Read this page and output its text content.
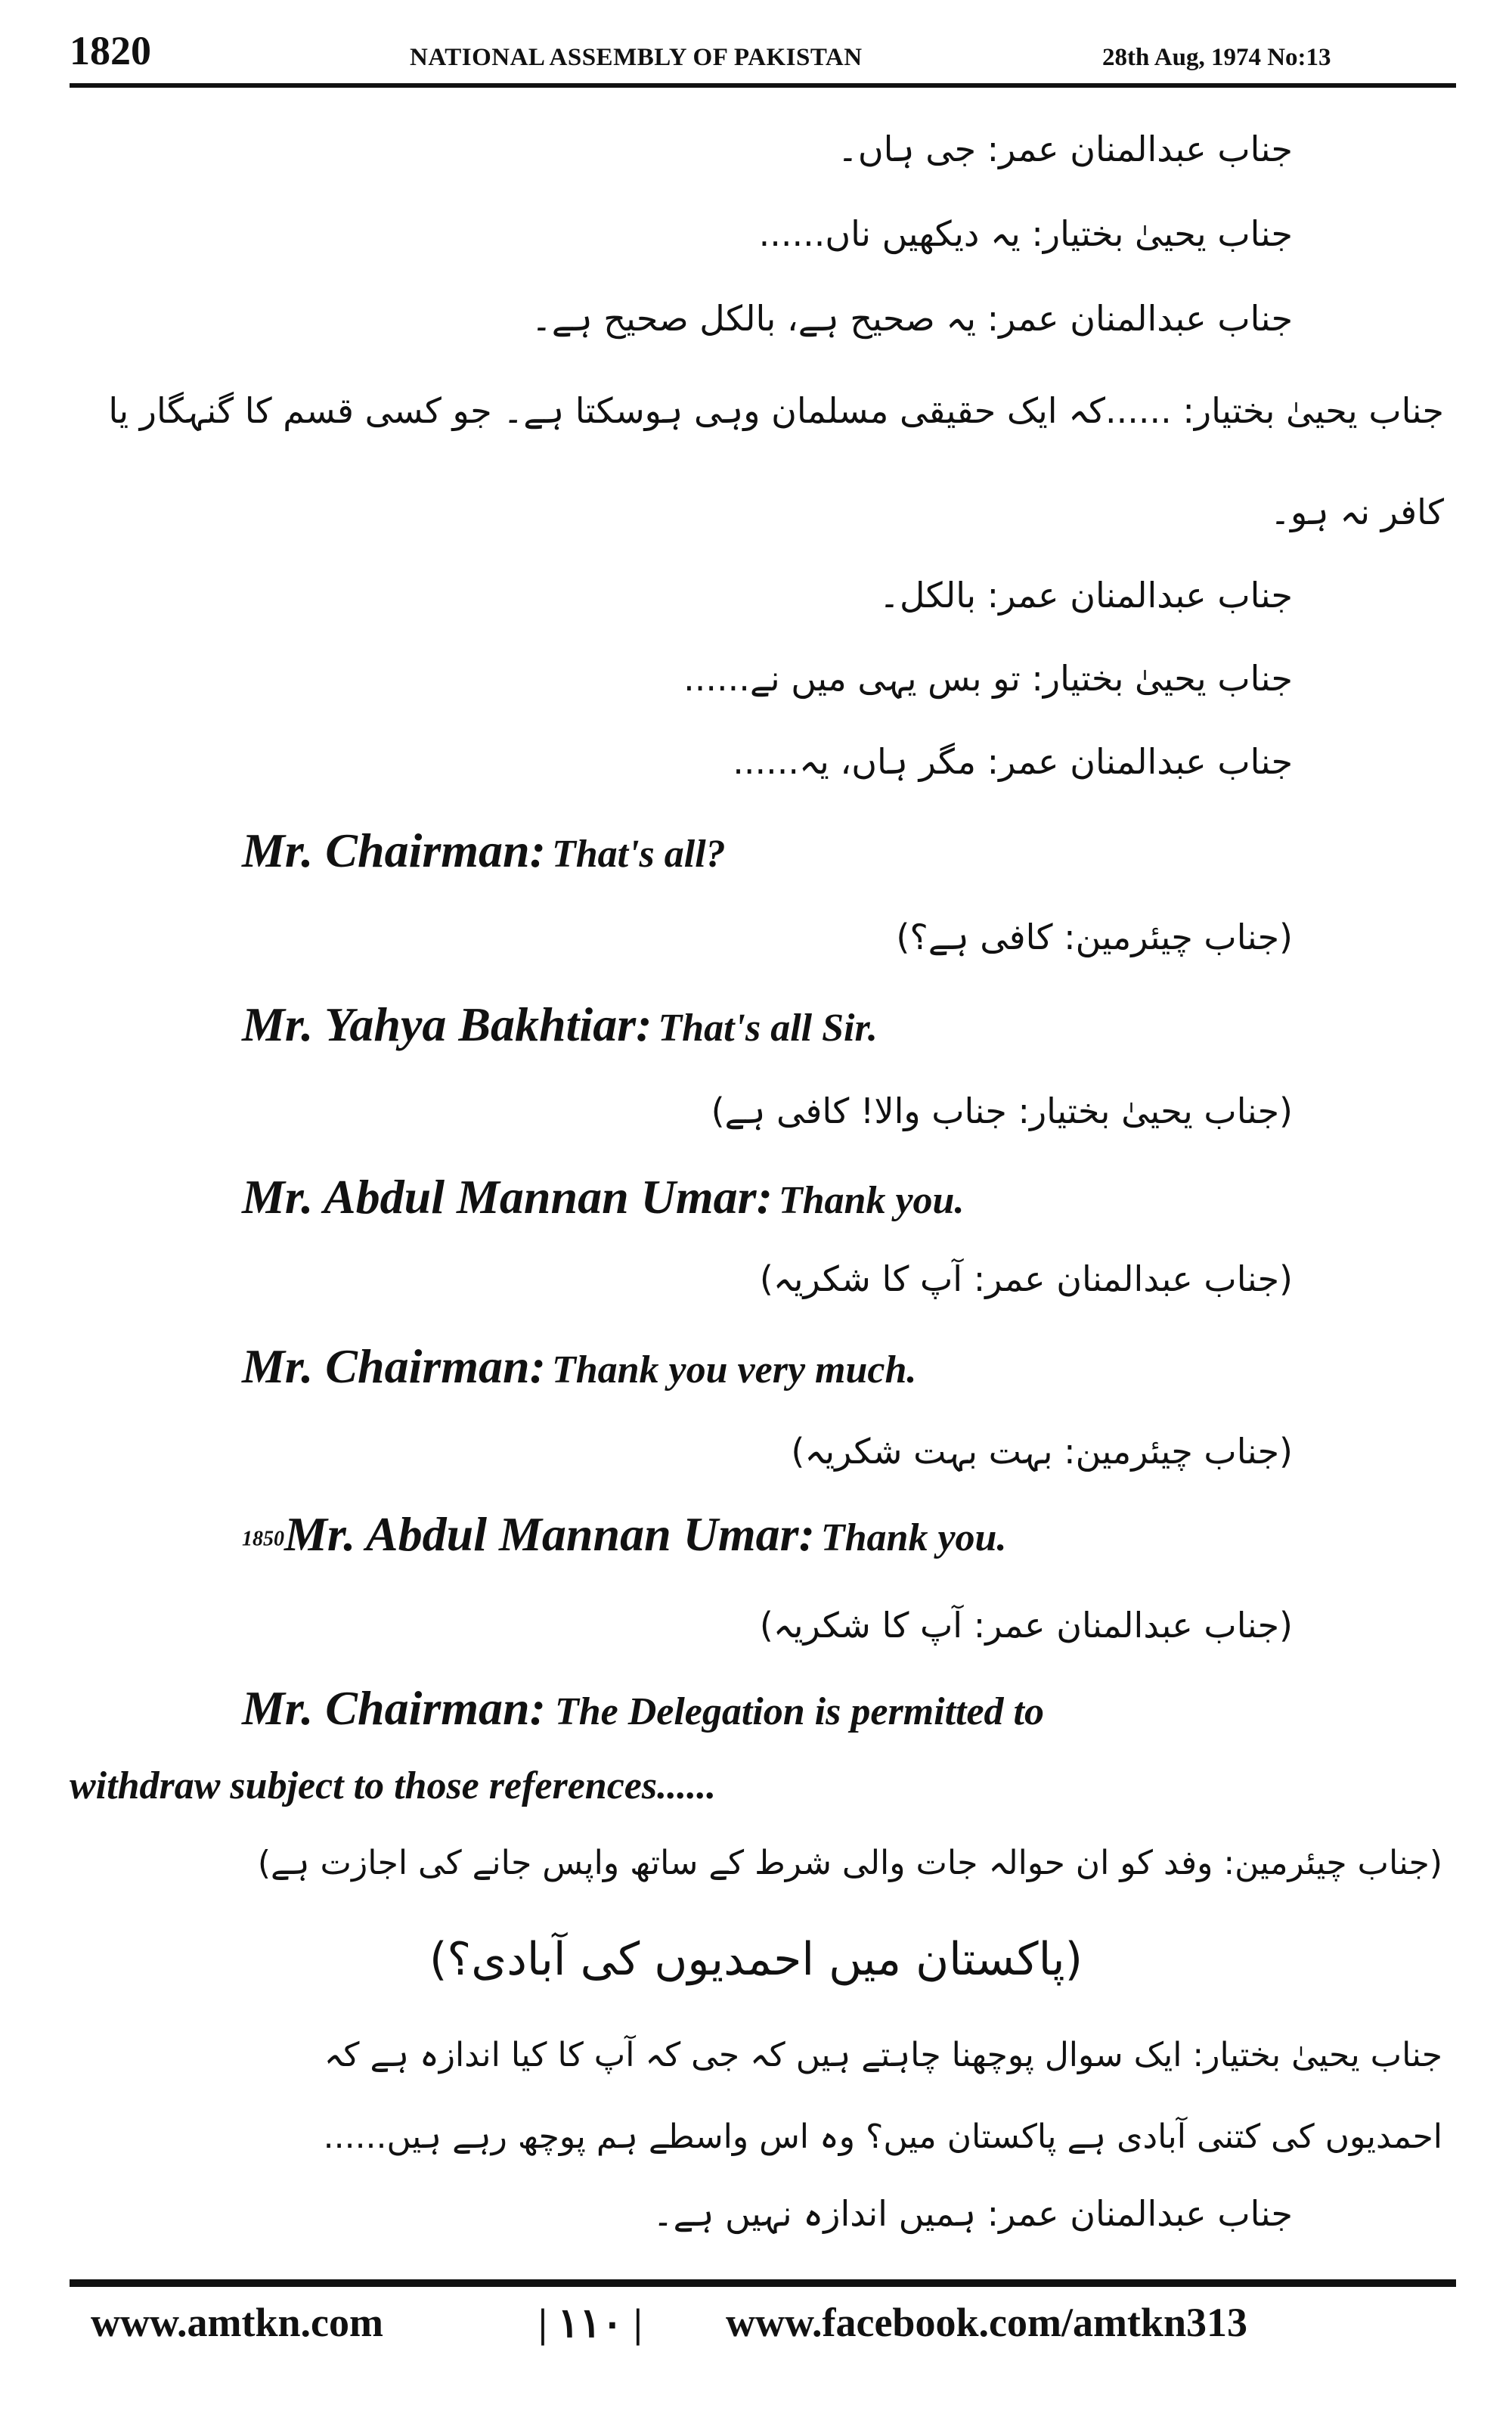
1820	NATIONAL ASSEMBLY OF PAKISTAN	28th Aug, 1974 No:13
جناب عبدالمنان عمر: جی ہاں۔
جناب یحییٰ بختیار: یہ دیکھیں ناں......
جناب عبدالمنان عمر: یہ صحیح ہے، بالکل صحیح ہے۔
جناب یحییٰ بختیار: ......کہ ایک حقیقی مسلمان وہی ہوسکتا ہے۔ جو کسی قسم کا گنہگار یا
کافر نہ ہو۔
جناب عبدالمنان عمر: بالکل۔
جناب یحییٰ بختیار: تو بس یہی میں نے......
جناب عبدالمنان عمر: مگر ہاں، یہ......
Mr. Chairman: That's all?
(جناب چیئرمین: کافی ہے؟)
Mr. Yahya Bakhtiar: That's all Sir.
(جناب یحییٰ بختیار: جناب والا! کافی ہے)
Mr. Abdul Mannan Umar: Thank you.
(جناب عبدالمنان عمر: آپ کا شکریہ)
Mr. Chairman: Thank you very much.
(جناب چیئرمین: بہت بہت شکریہ)
$^{1850}$Mr. Abdul Mannan Umar: Thank you.
(جناب عبدالمنان عمر: آپ کا شکریہ)
Mr. Chairman: The Delegation is permitted to
withdraw subject to those references......
(جناب چیئرمین: وفد کو ان حوالہ جات والی شرط کے ساتھ واپس جانے کی اجازت ہے)
(پاکستان میں احمدیوں کی آبادی؟)
جناب یحییٰ بختیار: ایک سوال پوچھنا چاہتے ہیں کہ جی کہ آپ کا کیا اندازہ ہے کہ
احمدیوں کی کتنی آبادی ہے پاکستان میں؟ وہ اس واسطے ہم پوچھ رہے ہیں......
جناب عبدالمنان عمر: ہمیں اندازہ نہیں ہے۔
www.amtkn.com	| ۱۱۰ | www.facebook.com/amtkn313
